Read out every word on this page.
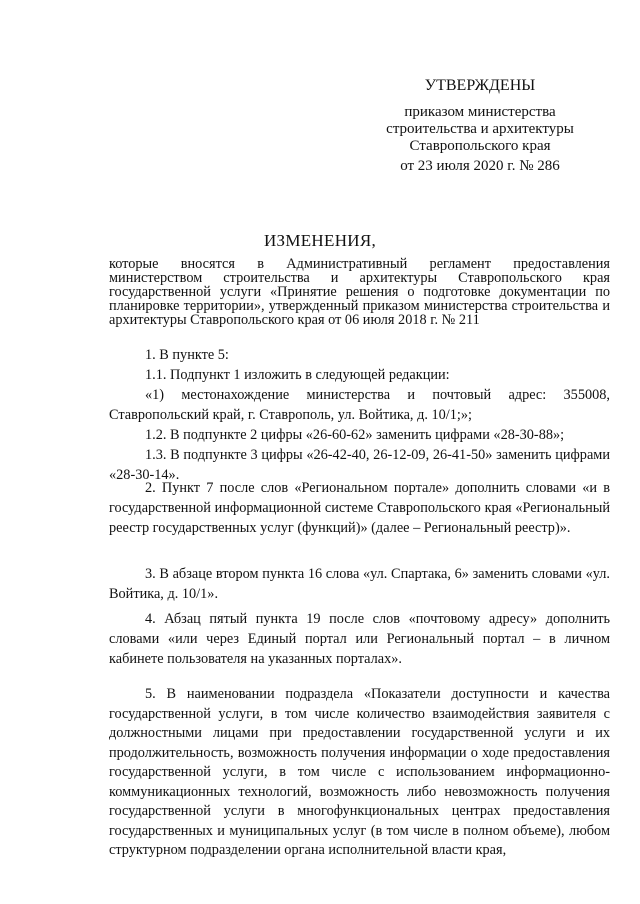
УТВЕРЖДЕНЫ
приказом министерства
строительства и архитектуры
Ставропольского края
от 23 июля 2020 г. № 286
ИЗМЕНЕНИЯ,
которые вносятся в Административный регламент предоставления министерством строительства и архитектуры Ставропольского края государственной услуги «Принятие решения о подготовке документации по планировке территории», утвержденный приказом министерства строительства и архитектуры Ставропольского края от 06 июля 2018 г. № 211

1. В пункте 5:

1.1. Подпункт 1 изложить в следующей редакции:

«1) местонахождение министерства и почтовый адрес: 355008, Ставропольский край, г. Ставрополь, ул. Войтика, д. 10/1;»;

1.2. В подпункте 2 цифры «26-60-62» заменить цифрами «28-30-88»;

1.3. В подпункте 3 цифры «26-42-40, 26-12-09, 26-41-50» заменить цифрами «28-30-14».

2. Пункт 7 после слов «Региональном портале» дополнить словами «и в государственной информационной системе Ставропольского края «Региональный реестр государственных услуг (функций)» (далее – Региональный реестр)».

3. В абзаце втором пункта 16 слова «ул. Спартака, 6» заменить словами «ул. Войтика, д. 10/1».

4. Абзац пятый пункта 19 после слов «почтовому адресу» дополнить словами «или через Единый портал или Региональный портал – в личном кабинете пользователя на указанных порталах».

5. В наименовании подраздела «Показатели доступности и качества государственной услуги, в том числе количество взаимодействия заявителя с должностными лицами при предоставлении государственной услуги и их продолжительность, возможность получения информации о ходе предоставления государственной услуги, в том числе с использованием информационно-коммуникационных технологий, возможность либо невозможность получения государственной услуги в многофункциональных центрах предоставления государственных и муниципальных услуг (в том числе в полном объеме), любом структурном подразделении органа исполнительной власти края,
